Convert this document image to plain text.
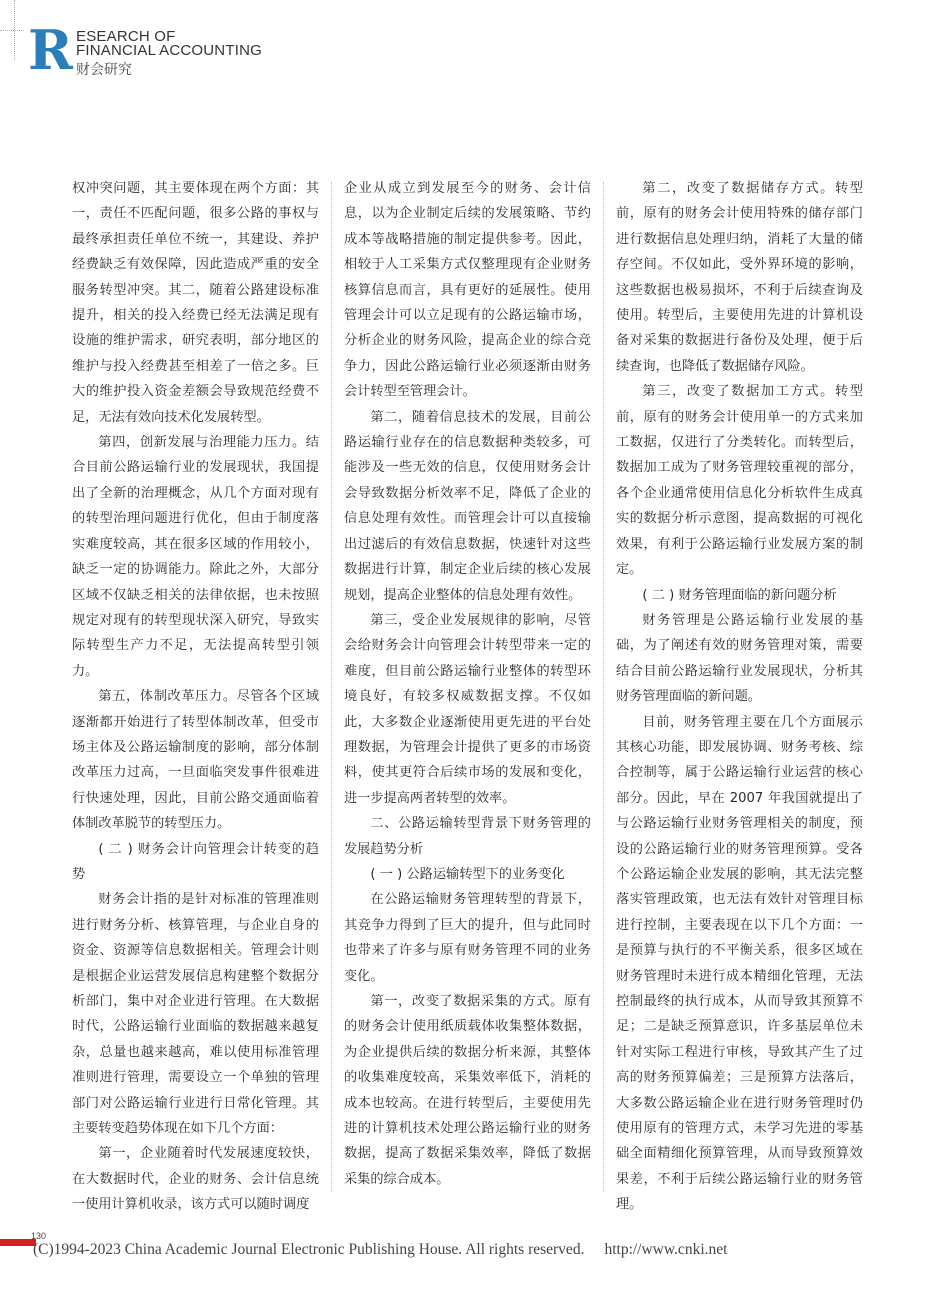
R ESEARCH OF
FINANCIAL ACCOUNTING
财会研究

权冲突问题，其主要体现在两个方面：其一，责任不匹配问题，很多公路的事权与最终承担责任单位不统一，其建设、养护经费缺乏有效保障，因此造成严重的安全服务转型冲突。其二，随着公路建设标准提升，相关的投入经费已经无法满足现有设施的维护需求，研究表明，部分地区的维护与投入经费甚至相差了一倍之多。巨大的维护投入资金差额会导致规范经费不足，无法有效向技术化发展转型。

第四，创新发展与治理能力压力。结合目前公路运输行业的发展现状，我国提出了全新的治理概念，从几个方面对现有的转型治理问题进行优化，但由于制度落实难度较高，其在很多区域的作用较小，缺乏一定的协调能力。除此之外，大部分区域不仅缺乏相关的法律依据，也未按照规定对现有的转型现状深入研究，导致实际转型生产力不足，无法提高转型引领力。

第五，体制改革压力。尽管各个区域逐渐都开始进行了转型体制改革，但受市场主体及公路运输制度的影响，部分体制改革压力过高，一旦面临突发事件很难进行快速处理，因此，目前公路交通面临着体制改革脱节的转型压力。

( 二 ) 财务会计向管理会计转变的趋势

财务会计指的是针对标准的管理准则进行财务分析、核算管理，与企业自身的资金、资源等信息数据相关。管理会计则是根据企业运营发展信息构建整个数据分析部门，集中对企业进行管理。在大数据时代，公路运输行业面临的数据越来越复杂，总量也越来越高，难以使用标准管理准则进行管理，需要设立一个单独的管理部门对公路运输行业进行日常化管理。其主要转变趋势体现在如下几个方面：

第一，企业随着时代发展速度较快，在大数据时代，企业的财务、会计信息统一使用计算机收录，该方式可以随时调度

企业从成立到发展至今的财务、会计信息，以为企业制定后续的发展策略、节约成本等战略措施的制定提供参考。因此，相较于人工采集方式仅整理现有企业财务核算信息而言，具有更好的延展性。使用管理会计可以立足现有的公路运输市场，分析企业的财务风险，提高企业的综合竞争力，因此公路运输行业必须逐渐由财务会计转型至管理会计。

第二，随着信息技术的发展，目前公路运输行业存在的信息数据种类较多，可能涉及一些无效的信息，仅使用财务会计会导致数据分析效率不足，降低了企业的信息处理有效性。而管理会计可以直接输出过滤后的有效信息数据，快速针对这些数据进行计算，制定企业后续的核心发展规划，提高企业整体的信息处理有效性。

第三，受企业发展规律的影响，尽管会给财务会计向管理会计转型带来一定的难度，但目前公路运输行业整体的转型环境良好，有较多权威数据支撑。不仅如此，大多数企业逐渐使用更先进的平台处理数据，为管理会计提供了更多的市场资料，使其更符合后续市场的发展和变化，进一步提高两者转型的效率。

二、公路运输转型背景下财务管理的发展趋势分析

( 一 ) 公路运输转型下的业务变化

在公路运输财务管理转型的背景下，其竞争力得到了巨大的提升，但与此同时也带来了许多与原有财务管理不同的业务变化。

第一，改变了数据采集的方式。原有的财务会计使用纸质载体收集整体数据，为企业提供后续的数据分析来源，其整体的收集难度较高，采集效率低下，消耗的成本也较高。在进行转型后，主要使用先进的计算机技术处理公路运输行业的财务数据，提高了数据采集效率，降低了数据采集的综合成本。

第二，改变了数据储存方式。转型前，原有的财务会计使用特殊的储存部门进行数据信息处理归纳，消耗了大量的储存空间。不仅如此，受外界环境的影响，这些数据也极易损坏，不利于后续查询及使用。转型后，主要使用先进的计算机设备对采集的数据进行备份及处理，便于后续查询，也降低了数据储存风险。

第三，改变了数据加工方式。转型前，原有的财务会计使用单一的方式来加工数据，仅进行了分类转化。而转型后，数据加工成为了财务管理较重视的部分，各个企业通常使用信息化分析软件生成真实的数据分析示意图，提高数据的可视化效果，有利于公路运输行业发展方案的制定。

( 二 ) 财务管理面临的新问题分析

财务管理是公路运输行业发展的基础，为了阐述有效的财务管理对策，需要结合目前公路运输行业发展现状，分析其财务管理面临的新问题。

目前，财务管理主要在几个方面展示其核心功能，即发展协调、财务考核、综合控制等，属于公路运输行业运营的核心部分。因此，早在 2007 年我国就提出了与公路运输行业财务管理相关的制度，预设的公路运输行业的财务管理预算。受各个公路运输企业发展的影响，其无法完整落实管理政策，也无法有效针对管理目标进行控制，主要表现在以下几个方面：一是预算与执行的不平衡关系，很多区域在财务管理时未进行成本精细化管理，无法控制最终的执行成本，从而导致其预算不足；二是缺乏预算意识，许多基层单位未针对实际工程进行审核，导致其产生了过高的财务预算偏差；三是预算方法落后，大多数公路运输企业在进行财务管理时仍使用原有的管理方式，未学习先进的零基础全面精细化预算管理，从而导致预算效果差，不利于后续公路运输行业的财务管理。

130
(C)1994-2023 China Academic Journal Electronic Publishing House. All rights reserved. http://www.cnki.net
